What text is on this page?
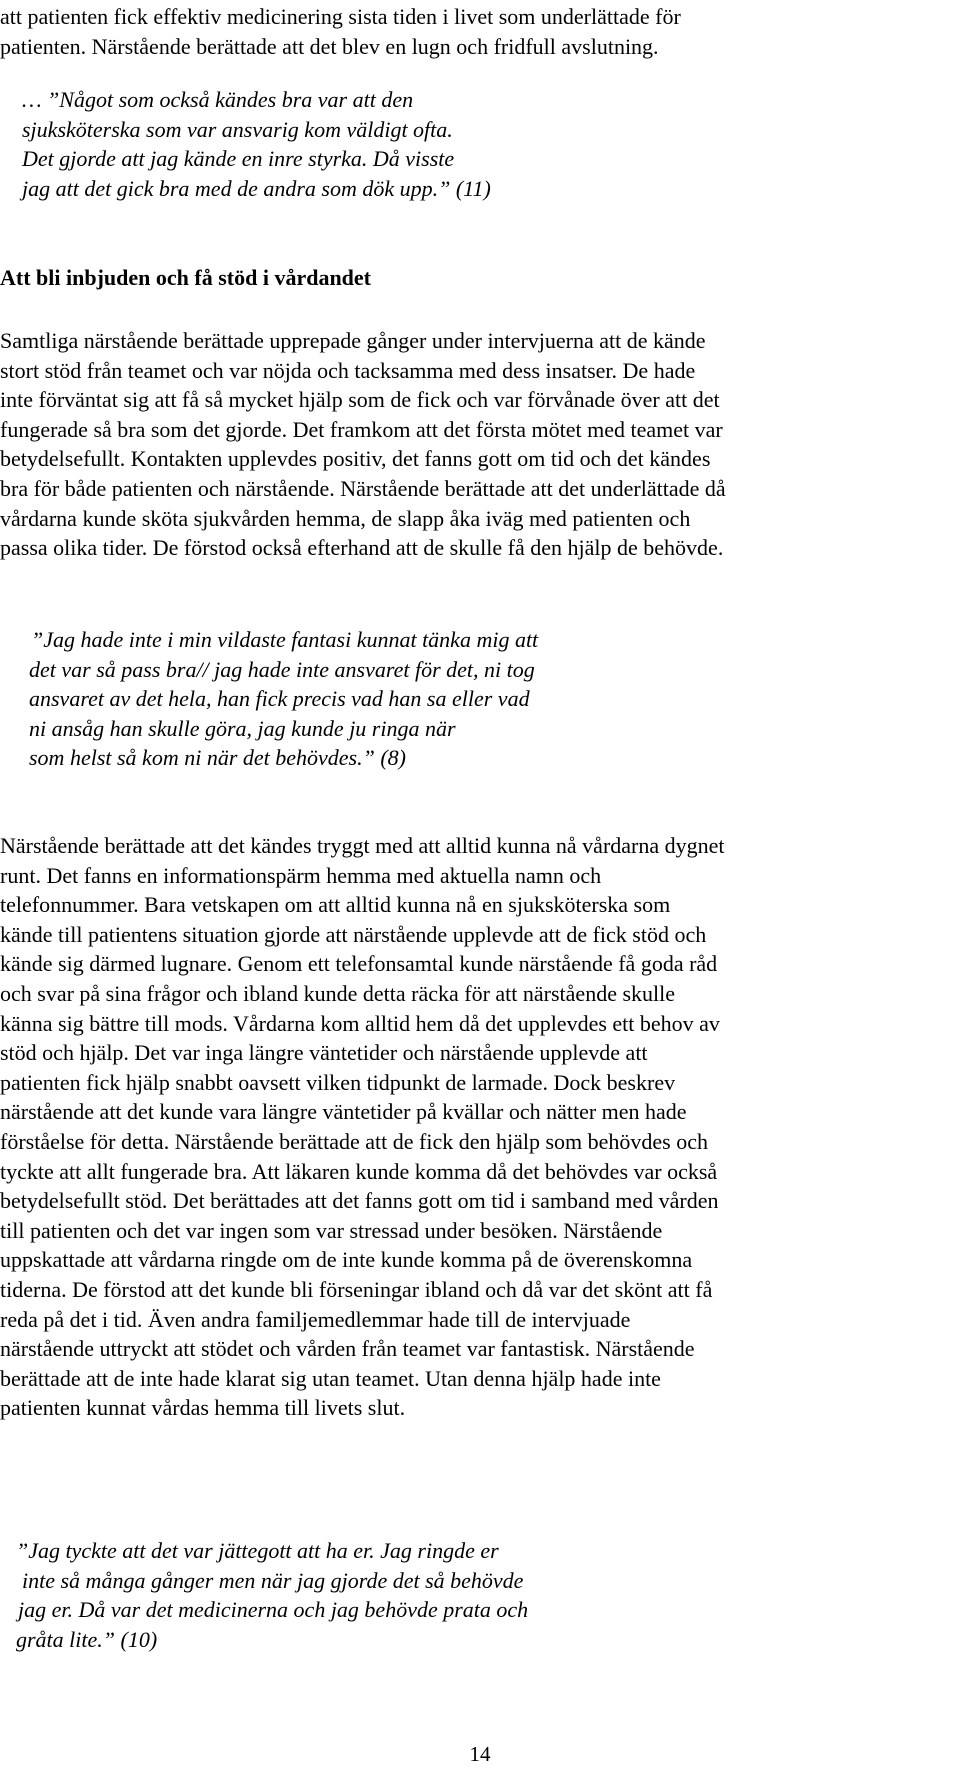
att patienten fick effektiv medicinering sista tiden i livet som underlättade för
patienten. Närstående berättade att det blev en lugn och fridfull avslutning.
… ”Något som också kändes bra var att den
sjuksköterska som var ansvarig kom väldigt ofta.
Det gjorde att jag kände en inre styrka. Då visste
jag att det gick bra med de andra som dök upp.” (11)
Att bli inbjuden och få stöd i vårdandet
Samtliga närstående berättade upprepade gånger under intervjuerna att de kände
stort stöd från teamet och var nöjda och tacksamma med dess insatser. De hade
inte förväntat sig att få så mycket hjälp som de fick och var förvånade över att det
fungerade så bra som det gjorde. Det framkom att det första mötet med teamet var
betydelsefullt. Kontakten upplevdes positiv, det fanns gott om tid och det kändes
bra för både patienten och närstående. Närstående berättade att det underlättade då
vårdarna kunde sköta sjukvården hemma, de slapp åka iväg med patienten och
passa olika tider. De förstod också efterhand att de skulle få den hjälp de behövde.
”Jag hade inte i min vildaste fantasi kunnat tänka mig att
det var så pass bra// jag hade inte ansvaret för det, ni tog
ansvaret av det hela, han fick precis vad han sa eller vad
ni ansåg han skulle göra, jag kunde ju ringa när
som helst så kom ni när det behövdes.” (8)
Närstående berättade att det kändes tryggt med att alltid kunna nå vårdarna dygnet
runt. Det fanns en informationspärm hemma med aktuella namn och
telefonnummer. Bara vetskapen om att alltid kunna nå en sjuksköterska som
kände till patientens situation gjorde att närstående upplevde att de fick stöd och
kände sig därmed lugnare. Genom ett telefonsamtal kunde närstående få goda råd
och svar på sina frågor och ibland kunde detta räcka för att närstående skulle
känna sig bättre till mods. Vårdarna kom alltid hem då det upplevdes ett behov av
stöd och hjälp. Det var inga längre väntetider och närstående upplevde att
patienten fick hjälp snabbt oavsett vilken tidpunkt de larmade. Dock beskrev
närstående att det kunde vara längre väntetider på kvällar och nätter men hade
förståelse för detta. Närstående berättade att de fick den hjälp som behövdes och
tyckte att allt fungerade bra. Att läkaren kunde komma då det behövdes var också
betydelsefullt stöd. Det berättades att det fanns gott om tid i samband med vården
till patienten och det var ingen som var stressad under besöken. Närstående
uppskattade att vårdarna ringde om de inte kunde komma på de överenskomna
tiderna. De förstod att det kunde bli förseningar ibland och då var det skönt att få
reda på det i tid. Även andra familjemedlemmar hade till de intervjuade
närstående uttryckt att stödet och vården från teamet var fantastisk. Närstående
berättade att de inte hade klarat sig utan teamet. Utan denna hjälp hade inte
patienten kunnat vårdas hemma till livets slut.
”Jag tyckte att det var jättegott att ha er. Jag ringde er
inte så många gånger men när jag gjorde det så behövde
jag er. Då var det medicinerna och jag behövde prata och
gråta lite.” (10)
14
